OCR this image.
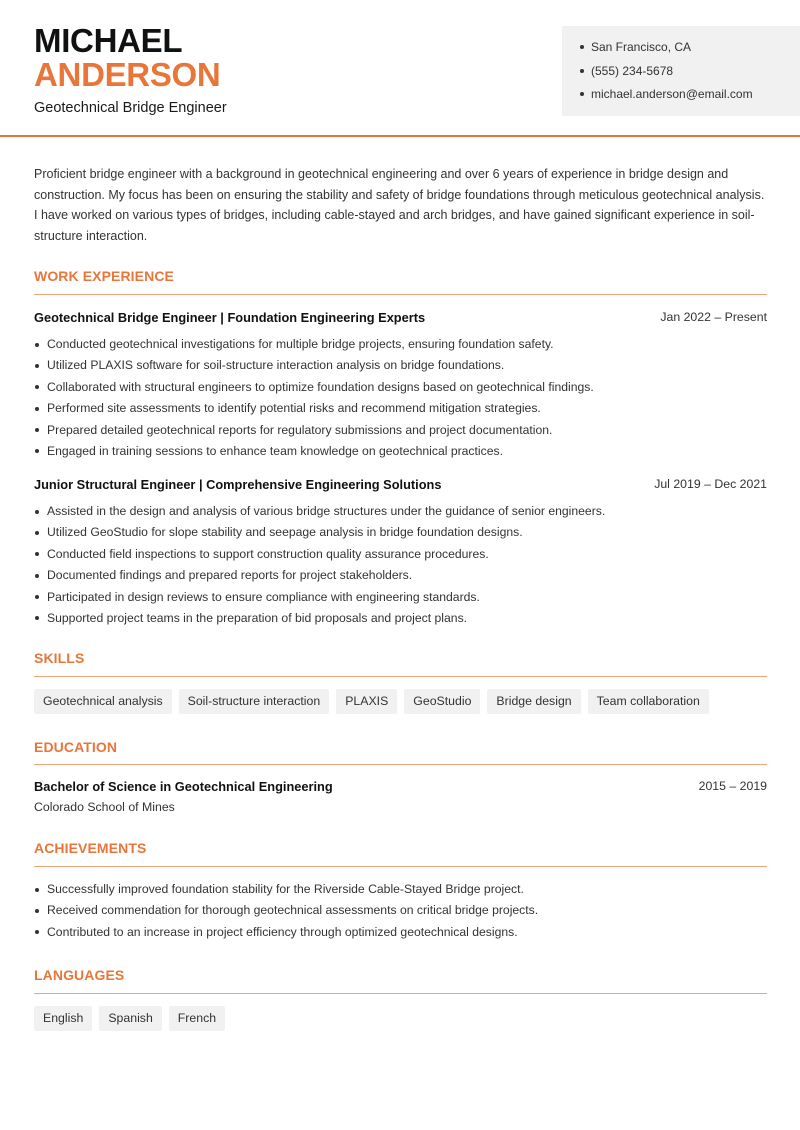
MICHAEL
ANDERSON
Geotechnical Bridge Engineer
San Francisco, CA
(555) 234-5678
michael.anderson@email.com

Proficient bridge engineer with a background in geotechnical engineering and over 6 years of experience in bridge design and construction. My focus has been on ensuring the stability and safety of bridge foundations through meticulous geotechnical analysis. I have worked on various types of bridges, including cable-stayed and arch bridges, and have gained significant experience in soil-structure interaction.

WORK EXPERIENCE
Geotechnical Bridge Engineer | Foundation Engineering Experts	Jan 2022 – Present
Conducted geotechnical investigations for multiple bridge projects, ensuring foundation safety.
Utilized PLAXIS software for soil-structure interaction analysis on bridge foundations.
Collaborated with structural engineers to optimize foundation designs based on geotechnical findings.
Performed site assessments to identify potential risks and recommend mitigation strategies.
Prepared detailed geotechnical reports for regulatory submissions and project documentation.
Engaged in training sessions to enhance team knowledge on geotechnical practices.
Junior Structural Engineer | Comprehensive Engineering Solutions	Jul 2019 – Dec 2021
Assisted in the design and analysis of various bridge structures under the guidance of senior engineers.
Utilized GeoStudio for slope stability and seepage analysis in bridge foundation designs.
Conducted field inspections to support construction quality assurance procedures.
Documented findings and prepared reports for project stakeholders.
Participated in design reviews to ensure compliance with engineering standards.
Supported project teams in the preparation of bid proposals and project plans.
SKILLS
Geotechnical analysis	Soil-structure interaction	PLAXIS	GeoStudio	Bridge design	Team collaboration
EDUCATION
Bachelor of Science in Geotechnical Engineering	2015 – 2019
Colorado School of Mines
ACHIEVEMENTS
Successfully improved foundation stability for the Riverside Cable-Stayed Bridge project.
Received commendation for thorough geotechnical assessments on critical bridge projects.
Contributed to an increase in project efficiency through optimized geotechnical designs.
LANGUAGES
English	Spanish	French
